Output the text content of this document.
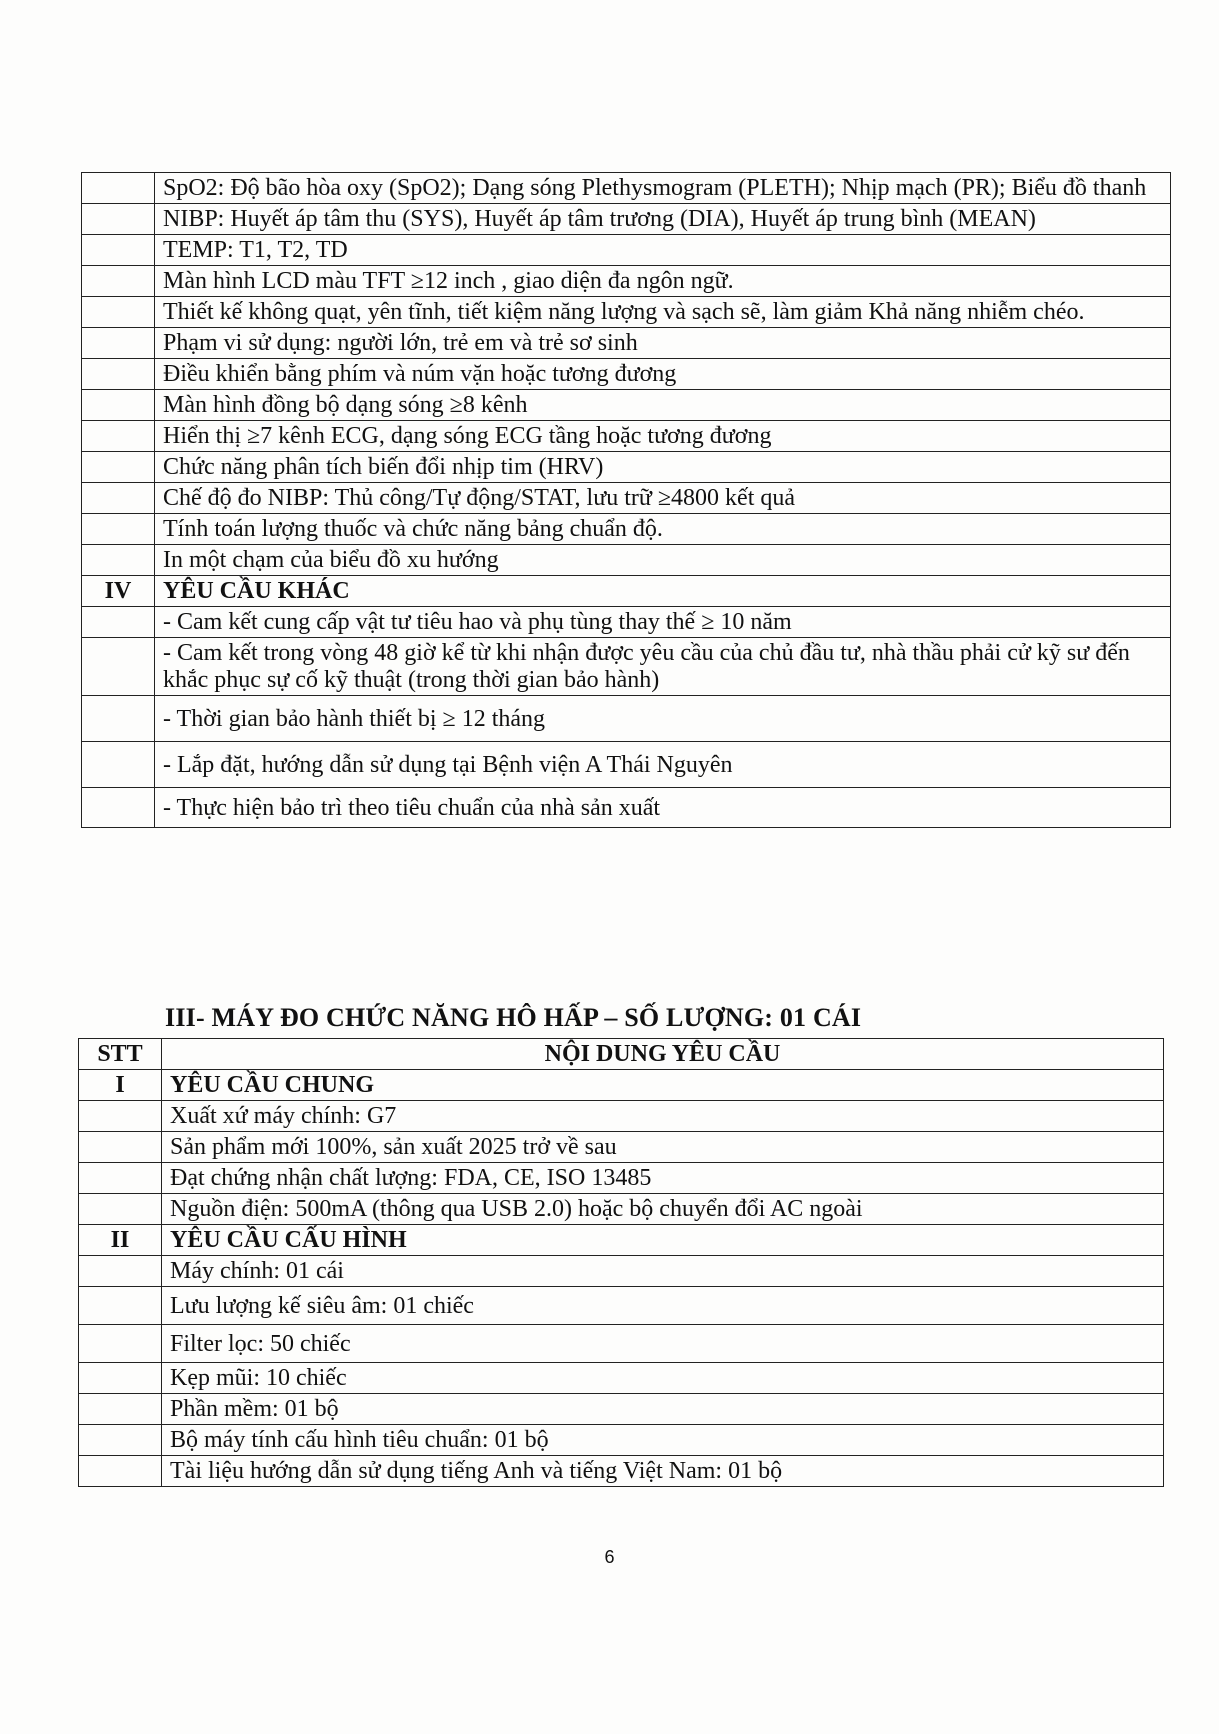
	SpO2: Độ bão hòa oxy (SpO2); Dạng sóng Plethysmogram (PLETH); Nhịp mạch (PR); Biểu đồ thanh
	NIBP: Huyết áp tâm thu (SYS), Huyết áp tâm trương (DIA), Huyết áp trung bình (MEAN)
	TEMP: T1, T2, TD
	Màn hình LCD màu TFT ≥12 inch , giao diện đa ngôn ngữ.
	Thiết kế không quạt, yên tĩnh, tiết kiệm năng lượng và sạch sẽ, làm giảm Khả năng nhiễm chéo.
	Phạm vi sử dụng: người lớn, trẻ em và trẻ sơ sinh
	Điều khiển bằng phím và núm vặn hoặc tương đương
	Màn hình đồng bộ dạng sóng ≥8 kênh
	Hiển thị ≥7 kênh ECG, dạng sóng ECG tầng hoặc tương đương
	Chức năng phân tích biến đổi nhịp tim (HRV)
	Chế độ đo NIBP: Thủ công/Tự động/STAT, lưu trữ ≥4800 kết quả
	Tính toán lượng thuốc và chức năng bảng chuẩn độ.
	In một chạm của biểu đồ xu hướng
IV	YÊU CẦU KHÁC
	- Cam kết cung cấp vật tư tiêu hao và phụ tùng thay thế ≥ 10 năm
	- Cam kết trong vòng 48 giờ kể từ khi nhận được yêu cầu của chủ đầu tư, nhà thầu phải cử kỹ sư đến khắc phục sự cố kỹ thuật (trong thời gian bảo hành)
	- Thời gian bảo hành thiết bị ≥ 12 tháng
	- Lắp đặt, hướng dẫn sử dụng tại Bệnh viện A Thái Nguyên
	- Thực hiện bảo trì theo tiêu chuẩn của nhà sản xuất
III- MÁY ĐO CHỨC NĂNG HÔ HẤP – SỐ LƯỢNG: 01 CÁI
STT	NỘI DUNG YÊU CẦU
I	YÊU CẦU CHUNG
	Xuất xứ máy chính: G7
	Sản phẩm mới 100%, sản xuất 2025 trở về sau
	Đạt chứng nhận chất lượng: FDA, CE, ISO 13485
	Nguồn điện: 500mA (thông qua USB 2.0) hoặc bộ chuyển đổi AC ngoài
II	YÊU CẦU CẤU HÌNH
	Máy chính: 01 cái
	Lưu lượng kế siêu âm: 01 chiếc
	Filter lọc: 50 chiếc
	Kẹp mũi: 10 chiếc
	Phần mềm: 01 bộ
	Bộ máy tính cấu hình tiêu chuẩn: 01 bộ
	Tài liệu hướng dẫn sử dụng tiếng Anh và tiếng Việt Nam: 01 bộ
6
